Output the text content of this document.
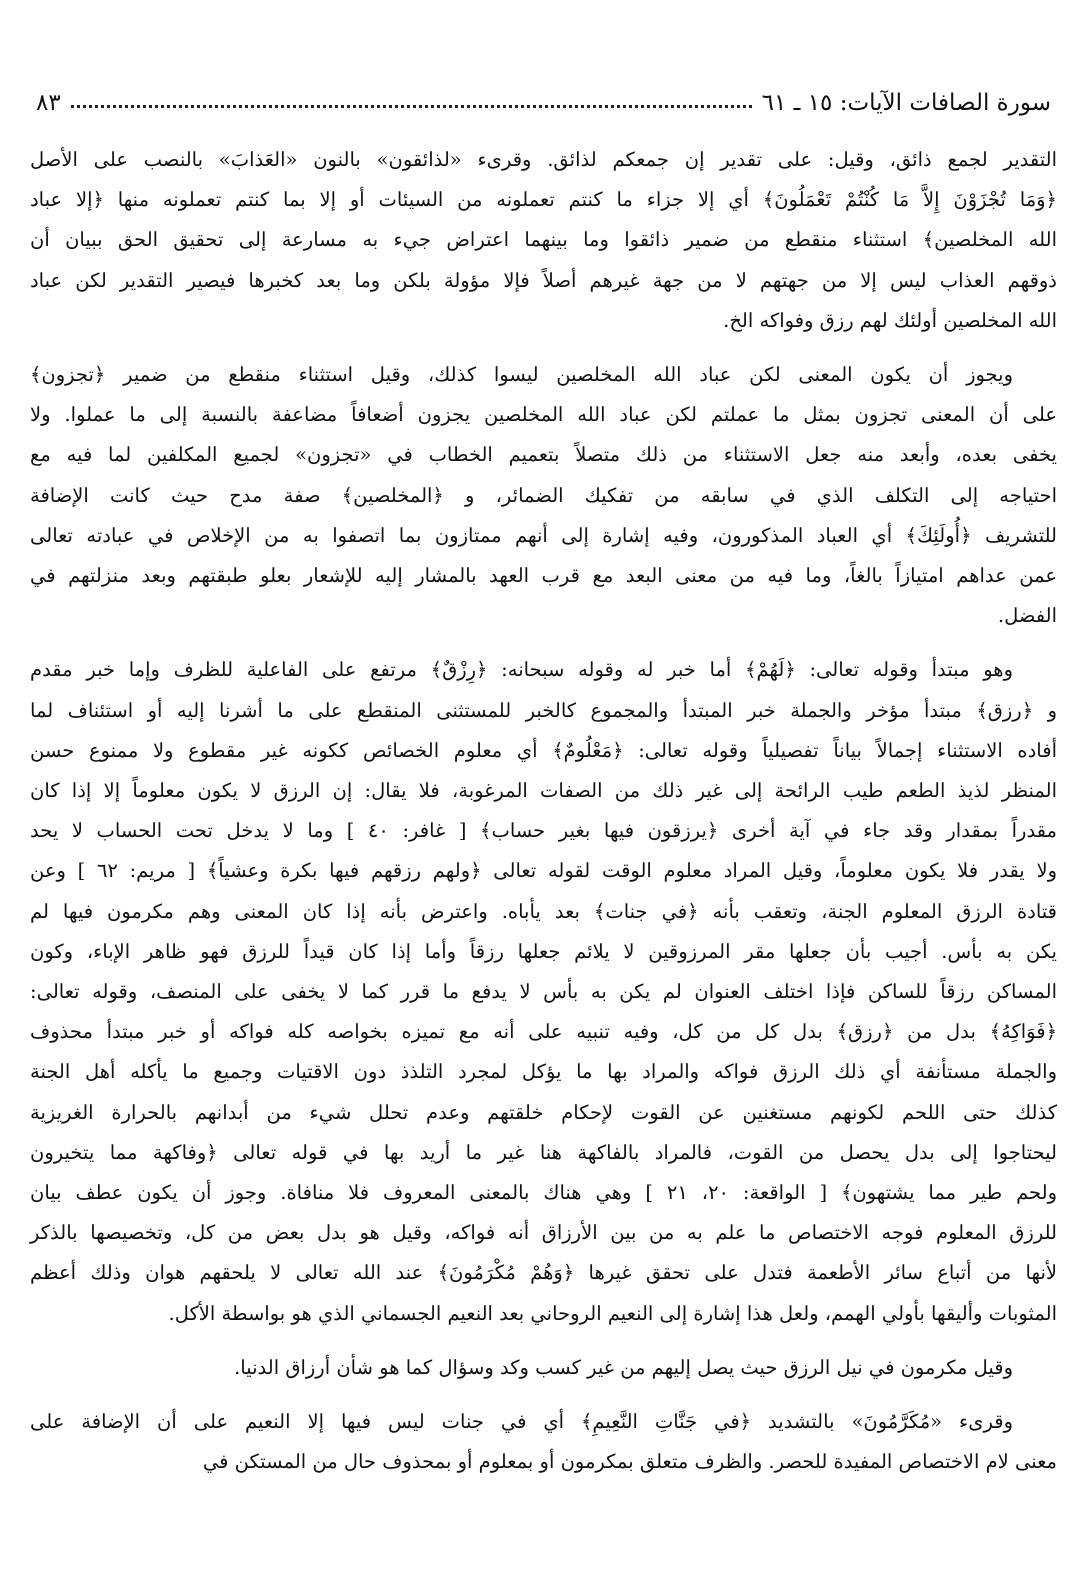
سورة الصافات الآيات: ١٥ ـ ٦١
٨٣
التقدير لجمع ذائق، وقيل: على تقدير إن جمعكم لذائق. وقرىء «لذائقون» بالنون «العَذابَ» بالنصب على الأصل
﴿وَمَا تُجْزَوْنَ إِلاَّ مَا كُنْتُمْ تَعْمَلُونَ﴾ أي إلا جزاء ما كنتم تعملونه من السيئات أو إلا بما كنتم تعملونه منها ﴿إلا عباد
الله المخلصين﴾ استثناء منقطع من ضمير ذائقوا وما بينهما اعتراض جيء به مسارعة إلى تحقيق الحق ببيان أن
ذوقهم العذاب ليس إلا من جهتهم لا من جهة غيرهم أصلاً فإلا مؤولة بلكن وما بعد كخبرها فيصير التقدير لكن عباد
الله المخلصين أولئك لهم رزق وفواكه الخ.
ويجوز أن يكون المعنى لكن عباد الله المخلصين ليسوا كذلك، وقيل استثناء منقطع من ضمير ﴿تجزون﴾
على أن المعنى تجزون بمثل ما عملتم لكن عباد الله المخلصين يجزون أضعافاً مضاعفة بالنسبة إلى ما عملوا. ولا
يخفى بعده، وأبعد منه جعل الاستثناء من ذلك متصلاً بتعميم الخطاب في «تجزون» لجميع المكلفين لما فيه مع
احتياجه إلى التكلف الذي في سابقه من تفكيك الضمائر، و ﴿المخلصين﴾ صفة مدح حيث كانت الإضافة
للتشريف ﴿أُولَئِكَ﴾ أي العباد المذكورون، وفيه إشارة إلى أنهم ممتازون بما اتصفوا به من الإخلاص في عبادته تعالى
عمن عداهم امتيازاً بالغاً، وما فيه من معنى البعد مع قرب العهد بالمشار إليه للإشعار بعلو طبقتهم وبعد منزلتهم في
الفضل.
وهو مبتدأ وقوله تعالى: ﴿لَهُمْ﴾ أما خبر له وقوله سبحانه: ﴿رِزْقٌ﴾ مرتفع على الفاعلية للظرف وإما خبر مقدم
و ﴿رزق﴾ مبتدأ مؤخر والجملة خبر المبتدأ والمجموع كالخبر للمستثنى المنقطع على ما أشرنا إليه أو استئناف لما
أفاده الاستثناء إجمالاً بياناً تفصيلياً وقوله تعالى: ﴿مَعْلُومٌ﴾ أي معلوم الخصائص ككونه غير مقطوع ولا ممنوع حسن
المنظر لذيذ الطعم طيب الرائحة إلى غير ذلك من الصفات المرغوبة، فلا يقال: إن الرزق لا يكون معلوماً إلا إذا كان
مقدراً بمقدار وقد جاء في آية أخرى ﴿يرزقون فيها بغير حساب﴾ [ غافر: ٤٠ ] وما لا يدخل تحت الحساب لا يحد
ولا يقدر فلا يكون معلوماً، وقيل المراد معلوم الوقت لقوله تعالى ﴿ولهم رزقهم فيها بكرة وعشياً﴾ [ مريم: ٦٢ ] وعن
قتادة الرزق المعلوم الجنة، وتعقب بأنه ﴿في جنات﴾ بعد يأباه. واعترض بأنه إذا كان المعنى وهم مكرمون فيها لم
يكن به بأس. أجيب بأن جعلها مقر المرزوقين لا يلائم جعلها رزقاً وأما إذا كان قيداً للرزق فهو ظاهر الإباء، وكون
المساكن رزقاً للساكن فإذا اختلف العنوان لم يكن به بأس لا يدفع ما قرر كما لا يخفى على المنصف، وقوله تعالى:
﴿فَوَاكِهُ﴾ بدل من ﴿رزق﴾ بدل كل من كل، وفيه تنبيه على أنه مع تميزه بخواصه كله فواكه أو خبر مبتدأ محذوف
والجملة مستأنفة أي ذلك الرزق فواكه والمراد بها ما يؤكل لمجرد التلذذ دون الاقتيات وجميع ما يأكله أهل الجنة
كذلك حتى اللحم لكونهم مستغنين عن القوت لإحكام خلقتهم وعدم تحلل شيء من أبدانهم بالحرارة الغريزية
ليحتاجوا إلى بدل يحصل من القوت، فالمراد بالفاكهة هنا غير ما أريد بها في قوله تعالى ﴿وفاكهة مما يتخيرون
ولحم طير مما يشتهون﴾ [ الواقعة: ٢٠، ٢١ ] وهي هناك بالمعنى المعروف فلا منافاة. وجوز أن يكون عطف بيان
للرزق المعلوم فوجه الاختصاص ما علم به من بين الأرزاق أنه فواكه، وقيل هو بدل بعض من كل، وتخصيصها بالذكر
لأنها من أتباع سائر الأطعمة فتدل على تحقق غيرها ﴿وَهُمْ مُكْرَمُونَ﴾ عند الله تعالى لا يلحقهم هوان وذلك أعظم
المثوبات وأليقها بأولي الهمم، ولعل هذا إشارة إلى النعيم الروحاني بعد النعيم الجسماني الذي هو بواسطة الأكل.
وقيل مكرمون في نيل الرزق حيث يصل إليهم من غير كسب وكد وسؤال كما هو شأن أرزاق الدنيا.
وقرىء «مُكَرَّمُونَ» بالتشديد ﴿في جَنَّاتِ النَّعِيمِ﴾ أي في جنات ليس فيها إلا النعيم على أن الإضافة على
معنى لام الاختصاص المفيدة للحصر. والظرف متعلق بمكرمون أو بمعلوم أو بمحذوف حال من المستكن في
